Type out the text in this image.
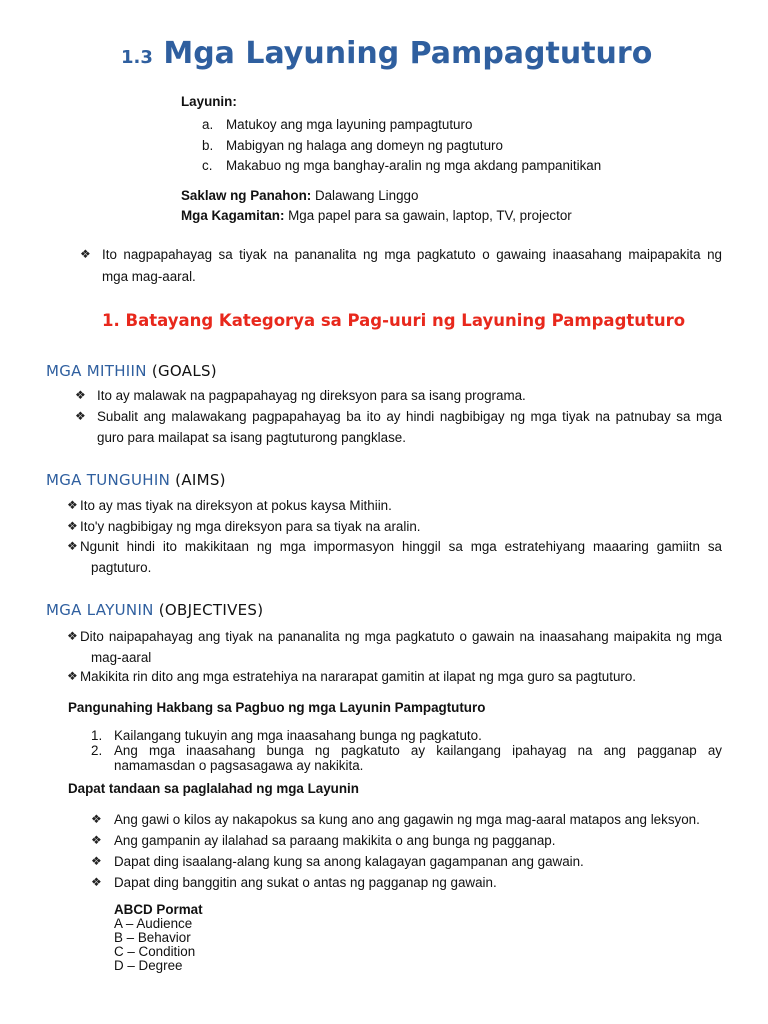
1.3 Mga Layuning Pampagtuturo
Layunin:
a. Matukoy ang mga layuning pampagtuturo
b. Mabigyan ng halaga ang domeyn ng pagtuturo
c. Makabuo ng mga banghay-aralin ng mga akdang pampanitikan
Saklaw ng Panahon: Dalawang Linggo
Mga Kagamitan: Mga papel para sa gawain, laptop, TV, projector
❖ Ito nagpapahayag sa tiyak na pananalita ng mga pagkatuto o gawaing inaasahang maipapakita ng
mga mag-aaral.
1. Batayang Kategorya sa Pag-uuri ng Layuning Pampagtuturo
MGA MITHIIN (GOALS)
❖ Ito ay malawak na pagpapahayag ng direksyon para sa isang programa.
❖ Subalit ang malawakang pagpapahayag ba ito ay hindi nagbibigay ng mga tiyak na patnubay sa mga
guro para mailapat sa isang pagtuturong pangklase.
MGA TUNGUHIN (AIMS)
❖ Ito ay mas tiyak na direksyon at pokus kaysa Mithiin.
❖ Ito'y nagbibigay ng mga direksyon para sa tiyak na aralin.
❖ Ngunit hindi ito makikitaan ng mga impormasyon hinggil sa mga estratehiyang maaaring gamiitn sa
pagtuturo.
MGA LAYUNIN (OBJECTIVES)
❖ Dito naipapahayag ang tiyak na pananalita ng mga pagkatuto o gawain na inaasahang maipakita ng mga
mag-aaral
❖ Makikita rin dito ang mga estratehiya na nararapat gamitin at ilapat ng mga guro sa pagtuturo.
Pangunahing Hakbang sa Pagbuo ng mga Layunin Pampagtuturo
1. Kailangang tukuyin ang mga inaasahang bunga ng pagkatuto.
2. Ang mga inaasahang bunga ng pagkatuto ay kailangang ipahayag na ang pagganap ay
namamasdan o pagsasagawa ay nakikita.
Dapat tandaan sa paglalahad ng mga Layunin
❖ Ang gawi o kilos ay nakapokus sa kung ano ang gagawin ng mga mag-aaral matapos ang leksyon.
❖ Ang gampanin ay ilalahad sa paraang makikita o ang bunga ng pagganap.
❖ Dapat ding isaalang-alang kung sa anong kalagayan gagampanan ang gawain.
❖ Dapat ding banggitin ang sukat o antas ng pagganap ng gawain.
ABCD Pormat
A – Audience
B – Behavior
C – Condition
D – Degree
